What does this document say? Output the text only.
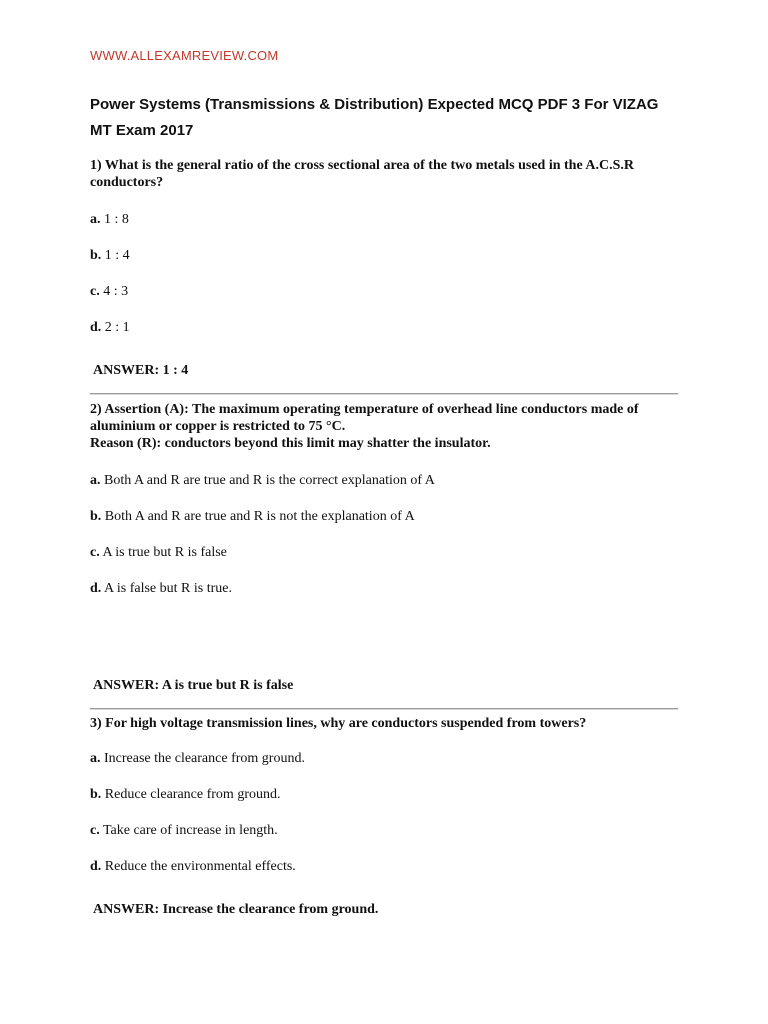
WWW.ALLEXAMREVIEW.COM
Power Systems (Transmissions & Distribution) Expected MCQ PDF 3 For VIZAG MT Exam 2017
1) What is the general ratio of the cross sectional area of the two metals used in the A.C.S.R conductors?
a. 1 : 8
b. 1 : 4
c. 4 : 3
d. 2 : 1
ANSWER: 1 : 4
2) Assertion (A): The maximum operating temperature of overhead line conductors made of aluminium or copper is restricted to 75 °C.
Reason (R): conductors beyond this limit may shatter the insulator.
a. Both A and R are true and R is the correct explanation of A
b. Both A and R are true and R is not the explanation of A
c. A is true but R is false
d. A is false but R is true.
ANSWER: A is true but R is false
3) For high voltage transmission lines, why are conductors suspended from towers?
a. Increase the clearance from ground.
b. Reduce clearance from ground.
c. Take care of increase in length.
d. Reduce the environmental effects.
ANSWER: Increase the clearance from ground.
